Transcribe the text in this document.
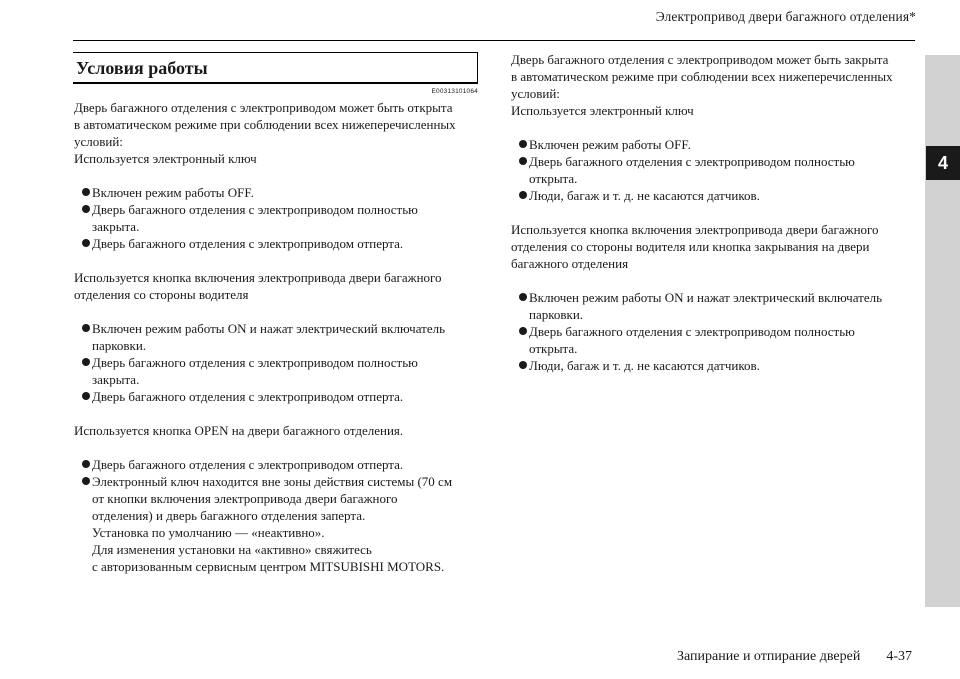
Электропривод двери багажного отделения*
4
Условия работы
E00313101064

Дверь багажного отделения с электроприводом может быть открыта

в автоматическом режиме при соблюдении всех нижеперечисленных

условий:

Используется электронный ключ

Включен режим работы OFF.
Дверь багажного отделения с электроприводом полностью
закрыта.
Дверь багажного отделения с электроприводом отперта.

Используется кнопка включения электропривода двери багажного

отделения со стороны водителя

Включен режим работы ON и нажат электрический включатель
парковки.
Дверь багажного отделения с электроприводом полностью
закрыта.
Дверь багажного отделения с электроприводом отперта.

Используется кнопка OPEN на двери багажного отделения.

Дверь багажного отделения с электроприводом отперта.
Электронный ключ находится вне зоны действия системы (70 см
от кнопки включения электропривода двери багажного
отделения) и дверь багажного отделения заперта.
Установка по умолчанию — «неактивно».
Для изменения установки на «активно» свяжитесь
с авторизованным сервисным центром MITSUBISHI MOTORS.

Дверь багажного отделения с электроприводом может быть закрыта

в автоматическом режиме при соблюдении всех нижеперечисленных

условий:

Используется электронный ключ

Включен режим работы OFF.
Дверь багажного отделения с электроприводом полностью
открыта.
Люди, багаж и т. д. не касаются датчиков.

Используется кнопка включения электропривода двери багажного

отделения со стороны водителя или кнопка закрывания на двери

багажного отделения

Включен режим работы ON и нажат электрический включатель
парковки.
Дверь багажного отделения с электроприводом полностью
открыта.
Люди, багаж и т. д. не касаются датчиков.
Запирание и отпирание дверей 4-37
